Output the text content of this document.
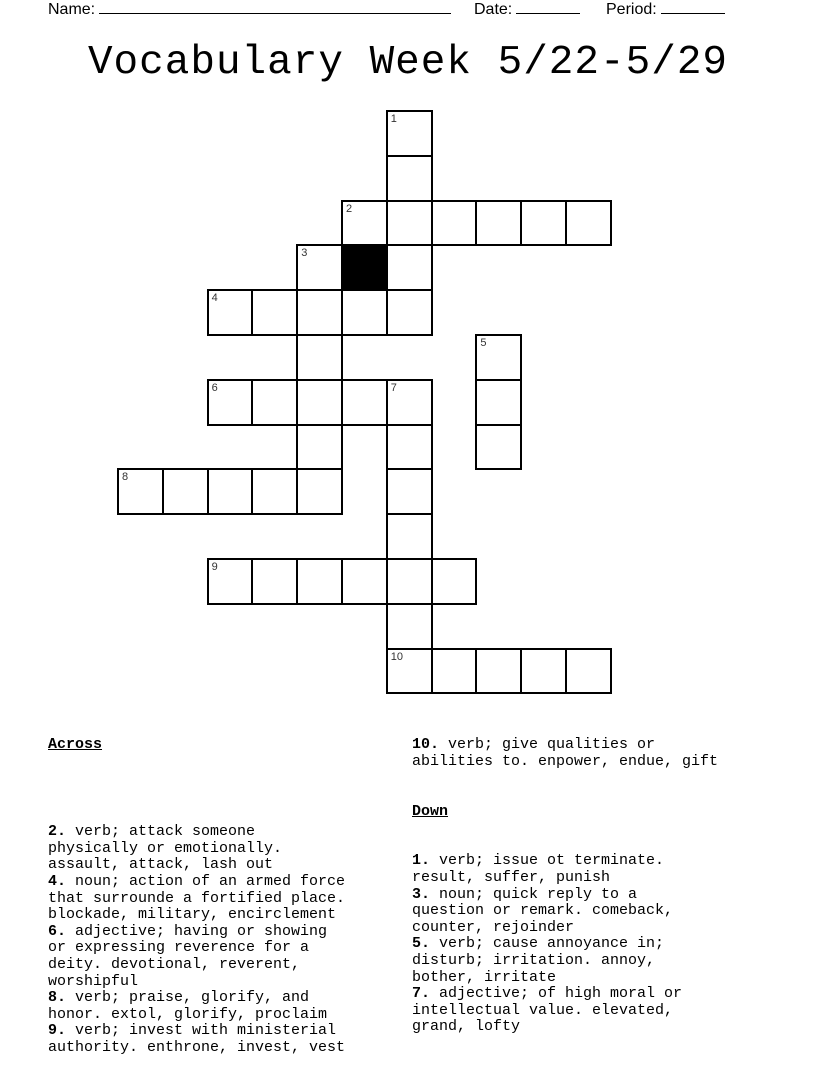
Name:	Date:	Period:
Vocabulary Week 5/22-5/29
1
2
3
4
5
6	7
8
9
10

Across

2. verb; attack someone
physically or emotionally.
assault, attack, lash out
4. noun; action of an armed force
that surrounde a fortified place.
blockade, military, encirclement
6. adjective; having or showing
or expressing reverence for a
deity. devotional, reverent,
worshipful
8. verb; praise, glorify, and
honor. extol, glorify, proclaim
9. verb; invest with ministerial
authority. enthrone, invest, vest

10. verb; give qualities or
abilities to. enpower, endue, gift

Down

1. verb; issue ot terminate.
result, suffer, punish
3. noun; quick reply to a
question or remark. comeback,
counter, rejoinder
5. verb; cause annoyance in;
disturb; irritation. annoy,
bother, irritate
7. adjective; of high moral or
intellectual value. elevated,
grand, lofty
